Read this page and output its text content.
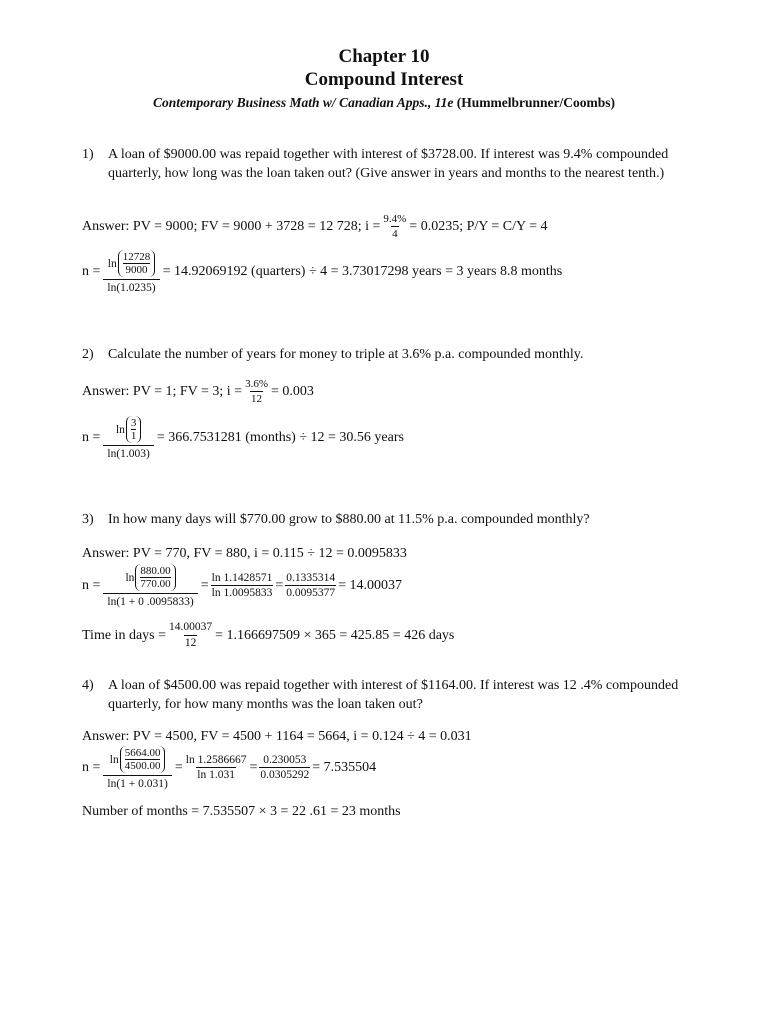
Chapter 10
Compound Interest
Contemporary Business Math w/ Canadian Apps., 11e (Hummelbrunner/Coombs)
1) A loan of $9000.00 was repaid together with interest of $3728.00. If interest was 9.4% compounded quarterly, how long was the loan taken out? (Give answer in years and months to the nearest tenth.)
Answer: PV = 9000; FV = 9000 + 3728 = 12 728; $i = \frac{9.4\%}{4} = 0.0235$; P/Y = C/Y = 4
$n = \frac{\ln \frac{12728}{9000}}{\ln(1.0235)} = 14.92069192$ (quarters) ÷ 4 = 3.73017298 years = 3 years 8.8 months
2) Calculate the number of years for money to triple at 3.6% p.a. compounded monthly.
Answer: PV = 1; FV = 3; $i = \frac{3.6\%}{12} = 0.003$
$n = \frac{\ln \frac{3}{1}}{\ln(1.003)} = 366.7531281$ (months) ÷ 12 = 30.56 years
3) In how many days will $770.00 grow to $880.00 at 11.5% p.a. compounded monthly?
Answer: PV = 770, FV = 880, i = 0.115 ÷ 12 = 0.0095833
$n = \frac{\ln \frac{880.00}{770.00}}{\ln(1 + 0 .0095833)} = \frac{\ln 1.1428571}{\ln 1.0095833} = \frac{0.1335314}{0.0095377} = 14.00037$
Time in days = $\frac{14.00037}{12} = 1.166697509 \times 365 = 425.85 = 426$ days
4) A loan of $4500.00 was repaid together with interest of $1164.00. If interest was 12 .4% compounded quarterly, for how many months was the loan taken out?
Answer: PV = 4500, FV = 4500 + 1164 = 5664, i = 0.124 ÷ 4 = 0.031
$n = \frac{\ln \frac{5664.00}{4500.00}}{\ln(1 + 0.031)} = \frac{\ln 1.2586667}{\ln 1.031} = \frac{0.230053}{0.0305292} = 7.535504$
Number of months = 7.535507 × 3 = 22 .61 = 23 months
